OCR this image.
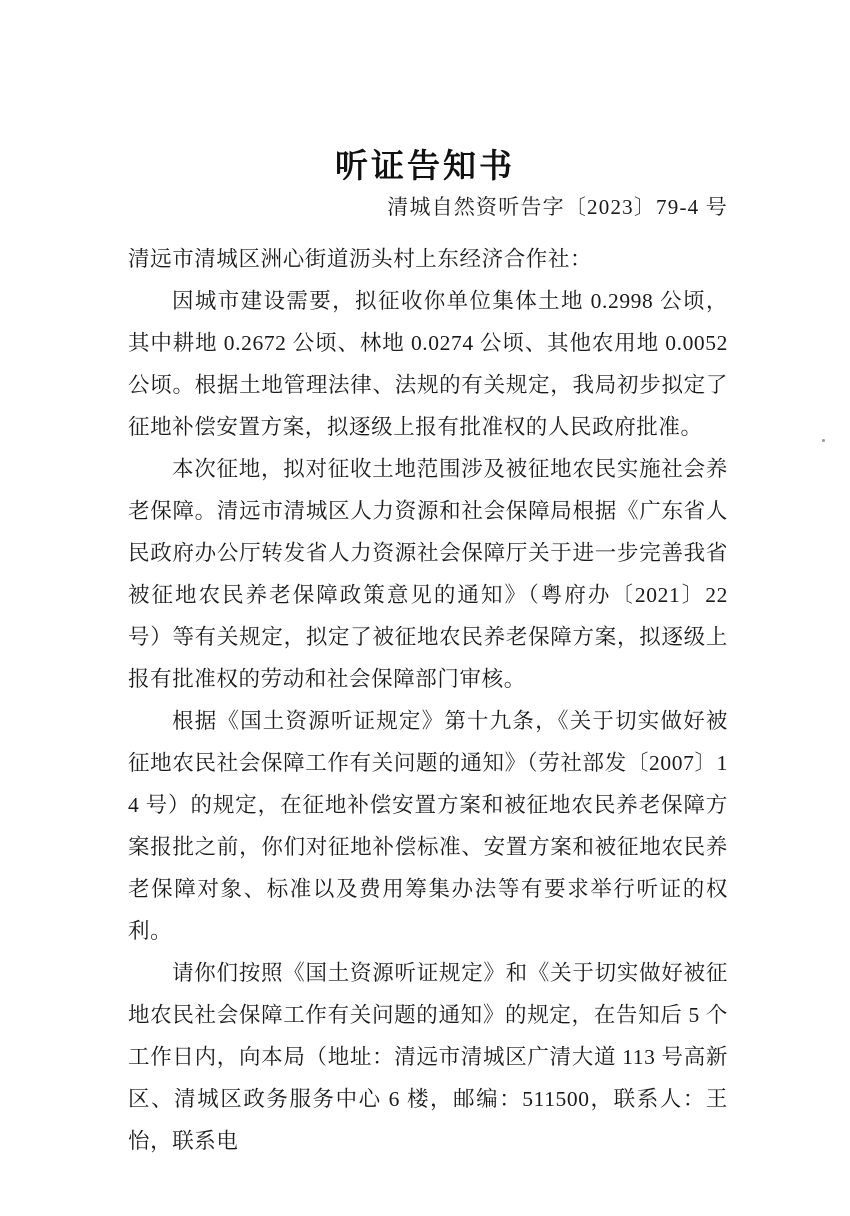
听证告知书
清城自然资听告字〔2023〕79-4 号

清远市清城区洲心街道沥头村上东经济合作社：

因城市建设需要，拟征收你单位集体土地 0.2998 公顷，其中耕地 0.2672 公顷、林地 0.0274 公顷、其他农用地 0.0052 公顷。根据土地管理法律、法规的有关规定，我局初步拟定了征地补偿安置方案，拟逐级上报有批准权的人民政府批准。

本次征地，拟对征收土地范围涉及被征地农民实施社会养老保障。清远市清城区人力资源和社会保障局根据《广东省人民政府办公厅转发省人力资源社会保障厅关于进一步完善我省被征地农民养老保障政策意见的通知》（粤府办〔2021〕22 号）等有关规定，拟定了被征地农民养老保障方案，拟逐级上报有批准权的劳动和社会保障部门审核。

根据《国土资源听证规定》第十九条，《关于切实做好被征地农民社会保障工作有关问题的通知》（劳社部发〔2007〕14 号）的规定，在征地补偿安置方案和被征地农民养老保障方案报批之前，你们对征地补偿标准、安置方案和被征地农民养老保障对象、标准以及费用筹集办法等有要求举行听证的权利。

请你们按照《国土资源听证规定》和《关于切实做好被征地农民社会保障工作有关问题的通知》的规定，在告知后 5 个工作日内，向本局（地址：清远市清城区广清大道 113 号高新区、清城区政务服务中心 6 楼，邮编：511500，联系人：王怡，联系电
